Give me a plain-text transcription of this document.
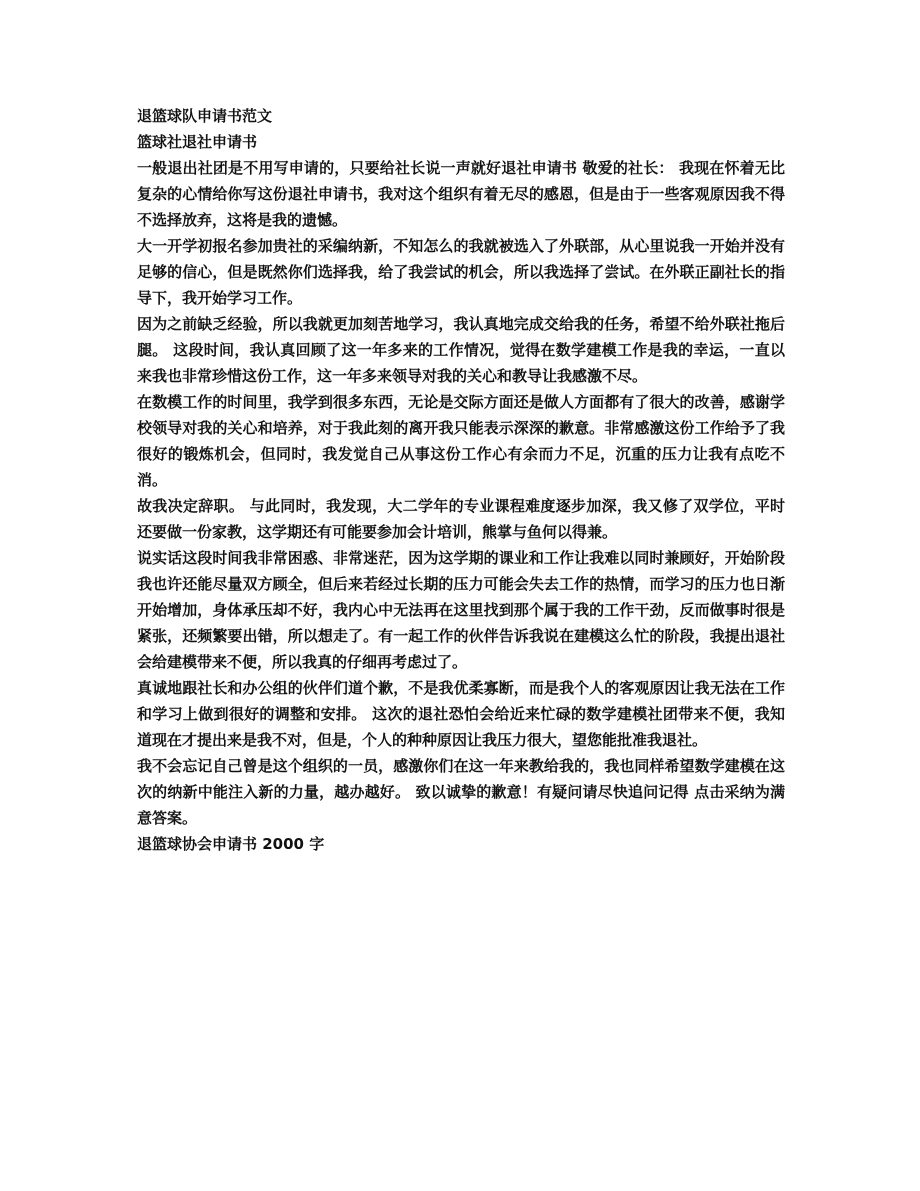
退篮球队申请书范文
篮球社退社申请书

一般退出社团是不用写申请的，只要给社长说一声就好退社申请书 敬爱的社长： 我现在怀着无比复杂的心情给你写这份退社申请书，我对这个组织有着无尽的感恩，但是由于一些客观原因我不得不选择放弃，这将是我的遗憾。

大一开学初报名参加贵社的采编纳新，不知怎么的我就被选入了外联部，从心里说我一开始并没有足够的信心，但是既然你们选择我，给了我尝试的机会，所以我选择了尝试。在外联正副社长的指导下，我开始学习工作。

因为之前缺乏经验，所以我就更加刻苦地学习，我认真地完成交给我的任务，希望不给外联社拖后腿。 这段时间，我认真回顾了这一年多来的工作情况，觉得在数学建模工作是我的幸运，一直以来我也非常珍惜这份工作，这一年多来领导对我的关心和教导让我感激不尽。

在数模工作的时间里，我学到很多东西，无论是交际方面还是做人方面都有了很大的改善，感谢学校领导对我的关心和培养，对于我此刻的离开我只能表示深深的歉意。非常感激这份工作给予了我很好的锻炼机会，但同时，我发觉自己从事这份工作心有余而力不足，沉重的压力让我有点吃不消。

故我决定辞职。 与此同时，我发现，大二学年的专业课程难度逐步加深，我又修了双学位，平时还要做一份家教，这学期还有可能要参加会计培训，熊掌与鱼何以得兼。

说实话这段时间我非常困惑、非常迷茫，因为这学期的课业和工作让我难以同时兼顾好，开始阶段我也许还能尽量双方顾全，但后来若经过长期的压力可能会失去工作的热情，而学习的压力也日渐开始增加，身体承压却不好，我内心中无法再在这里找到那个属于我的工作干劲，反而做事时很是紧张，还频繁要出错，所以想走了。有一起工作的伙伴告诉我说在建模这么忙的阶段，我提出退社会给建模带来不便，所以我真的仔细再考虑过了。

真诚地跟社长和办公组的伙伴们道个歉，不是我优柔寡断，而是我个人的客观原因让我无法在工作和学习上做到很好的调整和安排。 这次的退社恐怕会给近来忙碌的数学建模社团带来不便，我知道现在才提出来是我不对，但是，个人的种种原因让我压力很大，望您能批准我退社。

我不会忘记自己曾是这个组织的一员，感激你们在这一年来教给我的，我也同样希望数学建模在这次的纳新中能注入新的力量，越办越好。 致以诚挚的歉意！有疑问请尽快追问记得 点击采纳为满意答案。

退篮球协会申请书 2000 字
